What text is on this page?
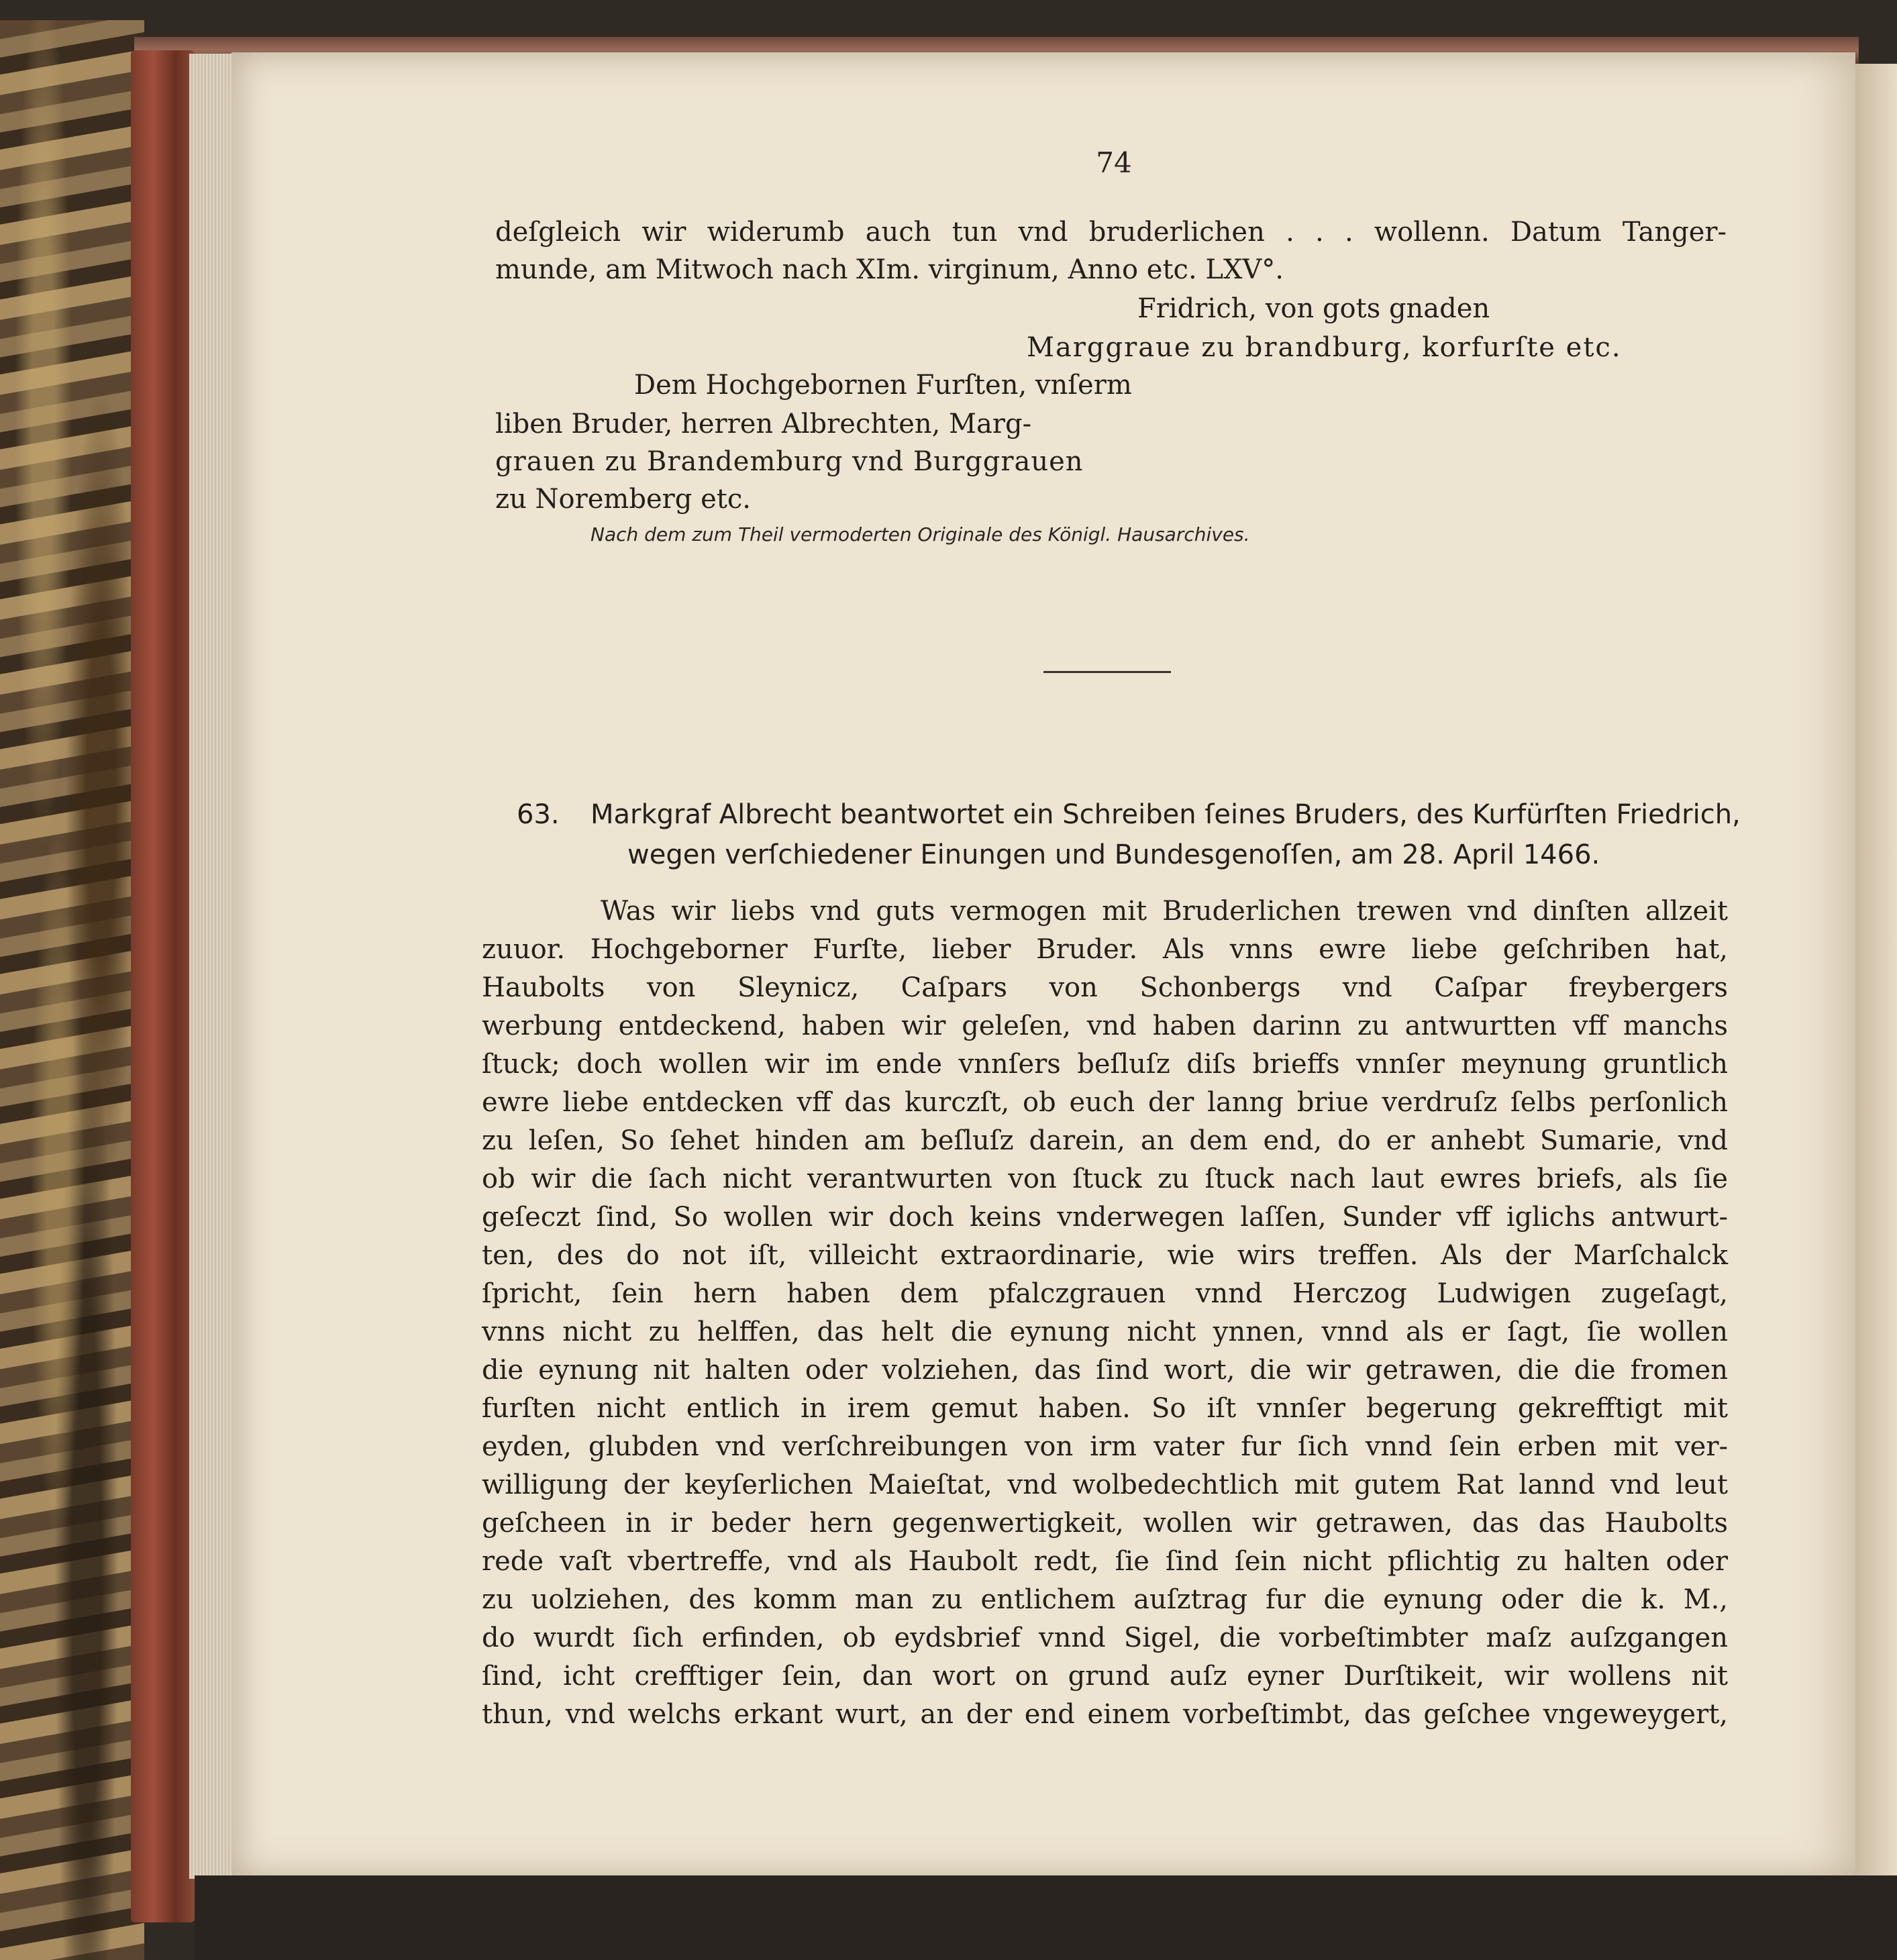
74
deſgleich wir widerumb auch tun vnd bruderlichen . . . wollenn. Datum Tanger-
munde, am Mitwoch nach XIm. virginum, Anno etc. LXV°.
Fridrich, von gots gnaden
Marggraue zu brandburg, korfurſte etc.
Dem Hochgebornen Furſten, vnſerm
liben Bruder, herren Albrechten, Marg-
grauen zu Brandemburg vnd Burggrauen
zu Noremberg etc.
Nach dem zum Theil vermoderten Originale des Königl. Hausarchives.
63. Markgraf Albrecht beantwortet ein Schreiben ſeines Bruders, des Kurfürſten Friedrich,
wegen verſchiedener Einungen und Bundesgenoſſen, am 28. April 1466.
Was wir liebs vnd guts vermogen mit Bruderlichen trewen vnd dinſten allzeit
zuuor. Hochgeborner Furſte, lieber Bruder. Als vnns ewre liebe geſchriben hat,
Haubolts von Sleynicz, Caſpars von Schonbergs vnd Caſpar freybergers
werbung entdeckend, haben wir geleſen, vnd haben darinn zu antwurtten vff manchs
ſtuck; doch wollen wir im ende vnnſers beſluſz diſs brieffs vnnſer meynung gruntlich
ewre liebe entdecken vff das kurczſt, ob euch der lanng briue verdruſz ſelbs perſonlich
zu leſen, So ſehet hinden am beſluſz darein, an dem end, do er anhebt Sumarie, vnd
ob wir die ſach nicht verantwurten von ſtuck zu ſtuck nach laut ewres briefs, als ſie
geſeczt ſind, So wollen wir doch keins vnderwegen laſſen, Sunder vff iglichs antwurt-
ten, des do not iſt, villeicht extraordinarie, wie wirs treffen. Als der Marſchalck
ſpricht, ſein hern haben dem pfalczgrauen vnnd Herczog Ludwigen zugeſagt,
vnns nicht zu helffen, das helt die eynung nicht ynnen, vnnd als er ſagt, ſie wollen
die eynung nit halten oder volziehen, das ſind wort, die wir getrawen, die die fromen
furſten nicht entlich in irem gemut haben. So iſt vnnſer begerung gekrefftigt mit
eyden, glubden vnd verſchreibungen von irm vater fur ſich vnnd ſein erben mit ver-
willigung der keyſerlichen Maieſtat, vnd wolbedechtlich mit gutem Rat lannd vnd leut
geſcheen in ir beder hern gegenwertigkeit, wollen wir getrawen, das das Haubolts
rede vaſt vbertreffe, vnd als Haubolt redt, ſie ſind ſein nicht pflichtig zu halten oder
zu uolziehen, des komm man zu entlichem auſztrag fur die eynung oder die k. M.,
do wurdt ſich erfinden, ob eydsbrief vnnd Sigel, die vorbeſtimbter maſz auſzgangen
ſind, icht crefftiger ſein, dan wort on grund auſz eyner Durſtikeit, wir wollens nit
thun, vnd welchs erkant wurt, an der end einem vorbeſtimbt, das geſchee vngeweygert,
